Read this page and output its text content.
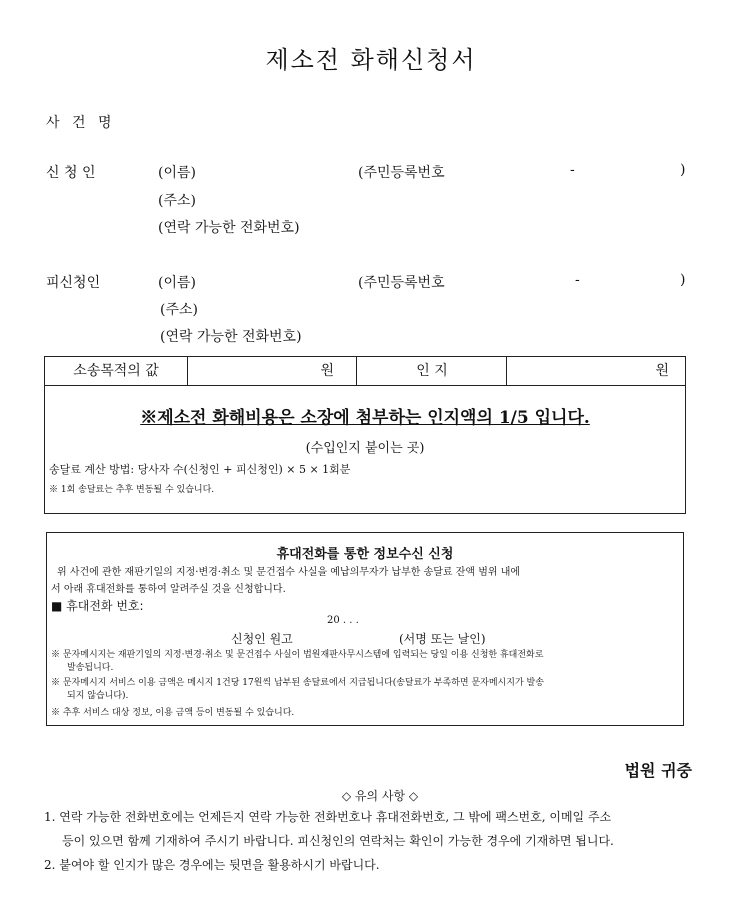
제소전 화해신청서
사 건 명
신 청 인	(이름)	(주민등록번호	-	)
(주소)
(연락 가능한 전화번호)
피신청인	(이름)	(주민등록번호	-	)
(주소)
(연락 가능한 전화번호)
소송목적의 값	원	인 지	원
※제소전 화해비용은 소장에 첨부하는 인지액의 1/5 입니다.
(수입인지 붙이는 곳)
송달료 계산 방법: 당사자 수(신청인 + 피신청인) × 5 × 1회분
※ 1회 송달료는 추후 변동될 수 있습니다.
휴대전화를 통한 정보수신 신청
위 사건에 관한 재판기일의 지정·변경·취소 및 문건접수 사실을 예납의무자가 납부한 송달료 잔액 범위 내에
서 아래 휴대전화를 통하여 알려주실 것을 신청합니다.
■ 휴대전화 번호:
20 . . .
신청인 원고	(서명 또는 날인)
※ 문자메시지는 재판기일의 지정·변경·취소 및 문건접수 사실이 법원재판사무시스템에 입력되는 당일 이용 신청한 휴대전화로
발송됩니다.
※ 문자메시지 서비스 이용 금액은 메시지 1건당 17원씩 납부된 송달료에서 지급됩니다(송달료가 부족하면 문자메시지가 발송
되지 않습니다).
※ 추후 서비스 대상 정보, 이용 금액 등이 변동될 수 있습니다.
법원 귀중
◇ 유의 사항 ◇
1. 연락 가능한 전화번호에는 언제든지 연락 가능한 전화번호나 휴대전화번호, 그 밖에 팩스번호, 이메일 주소
등이 있으면 함께 기재하여 주시기 바랍니다. 피신청인의 연락처는 확인이 가능한 경우에 기재하면 됩니다.
2. 붙여야 할 인지가 많은 경우에는 뒷면을 활용하시기 바랍니다.
